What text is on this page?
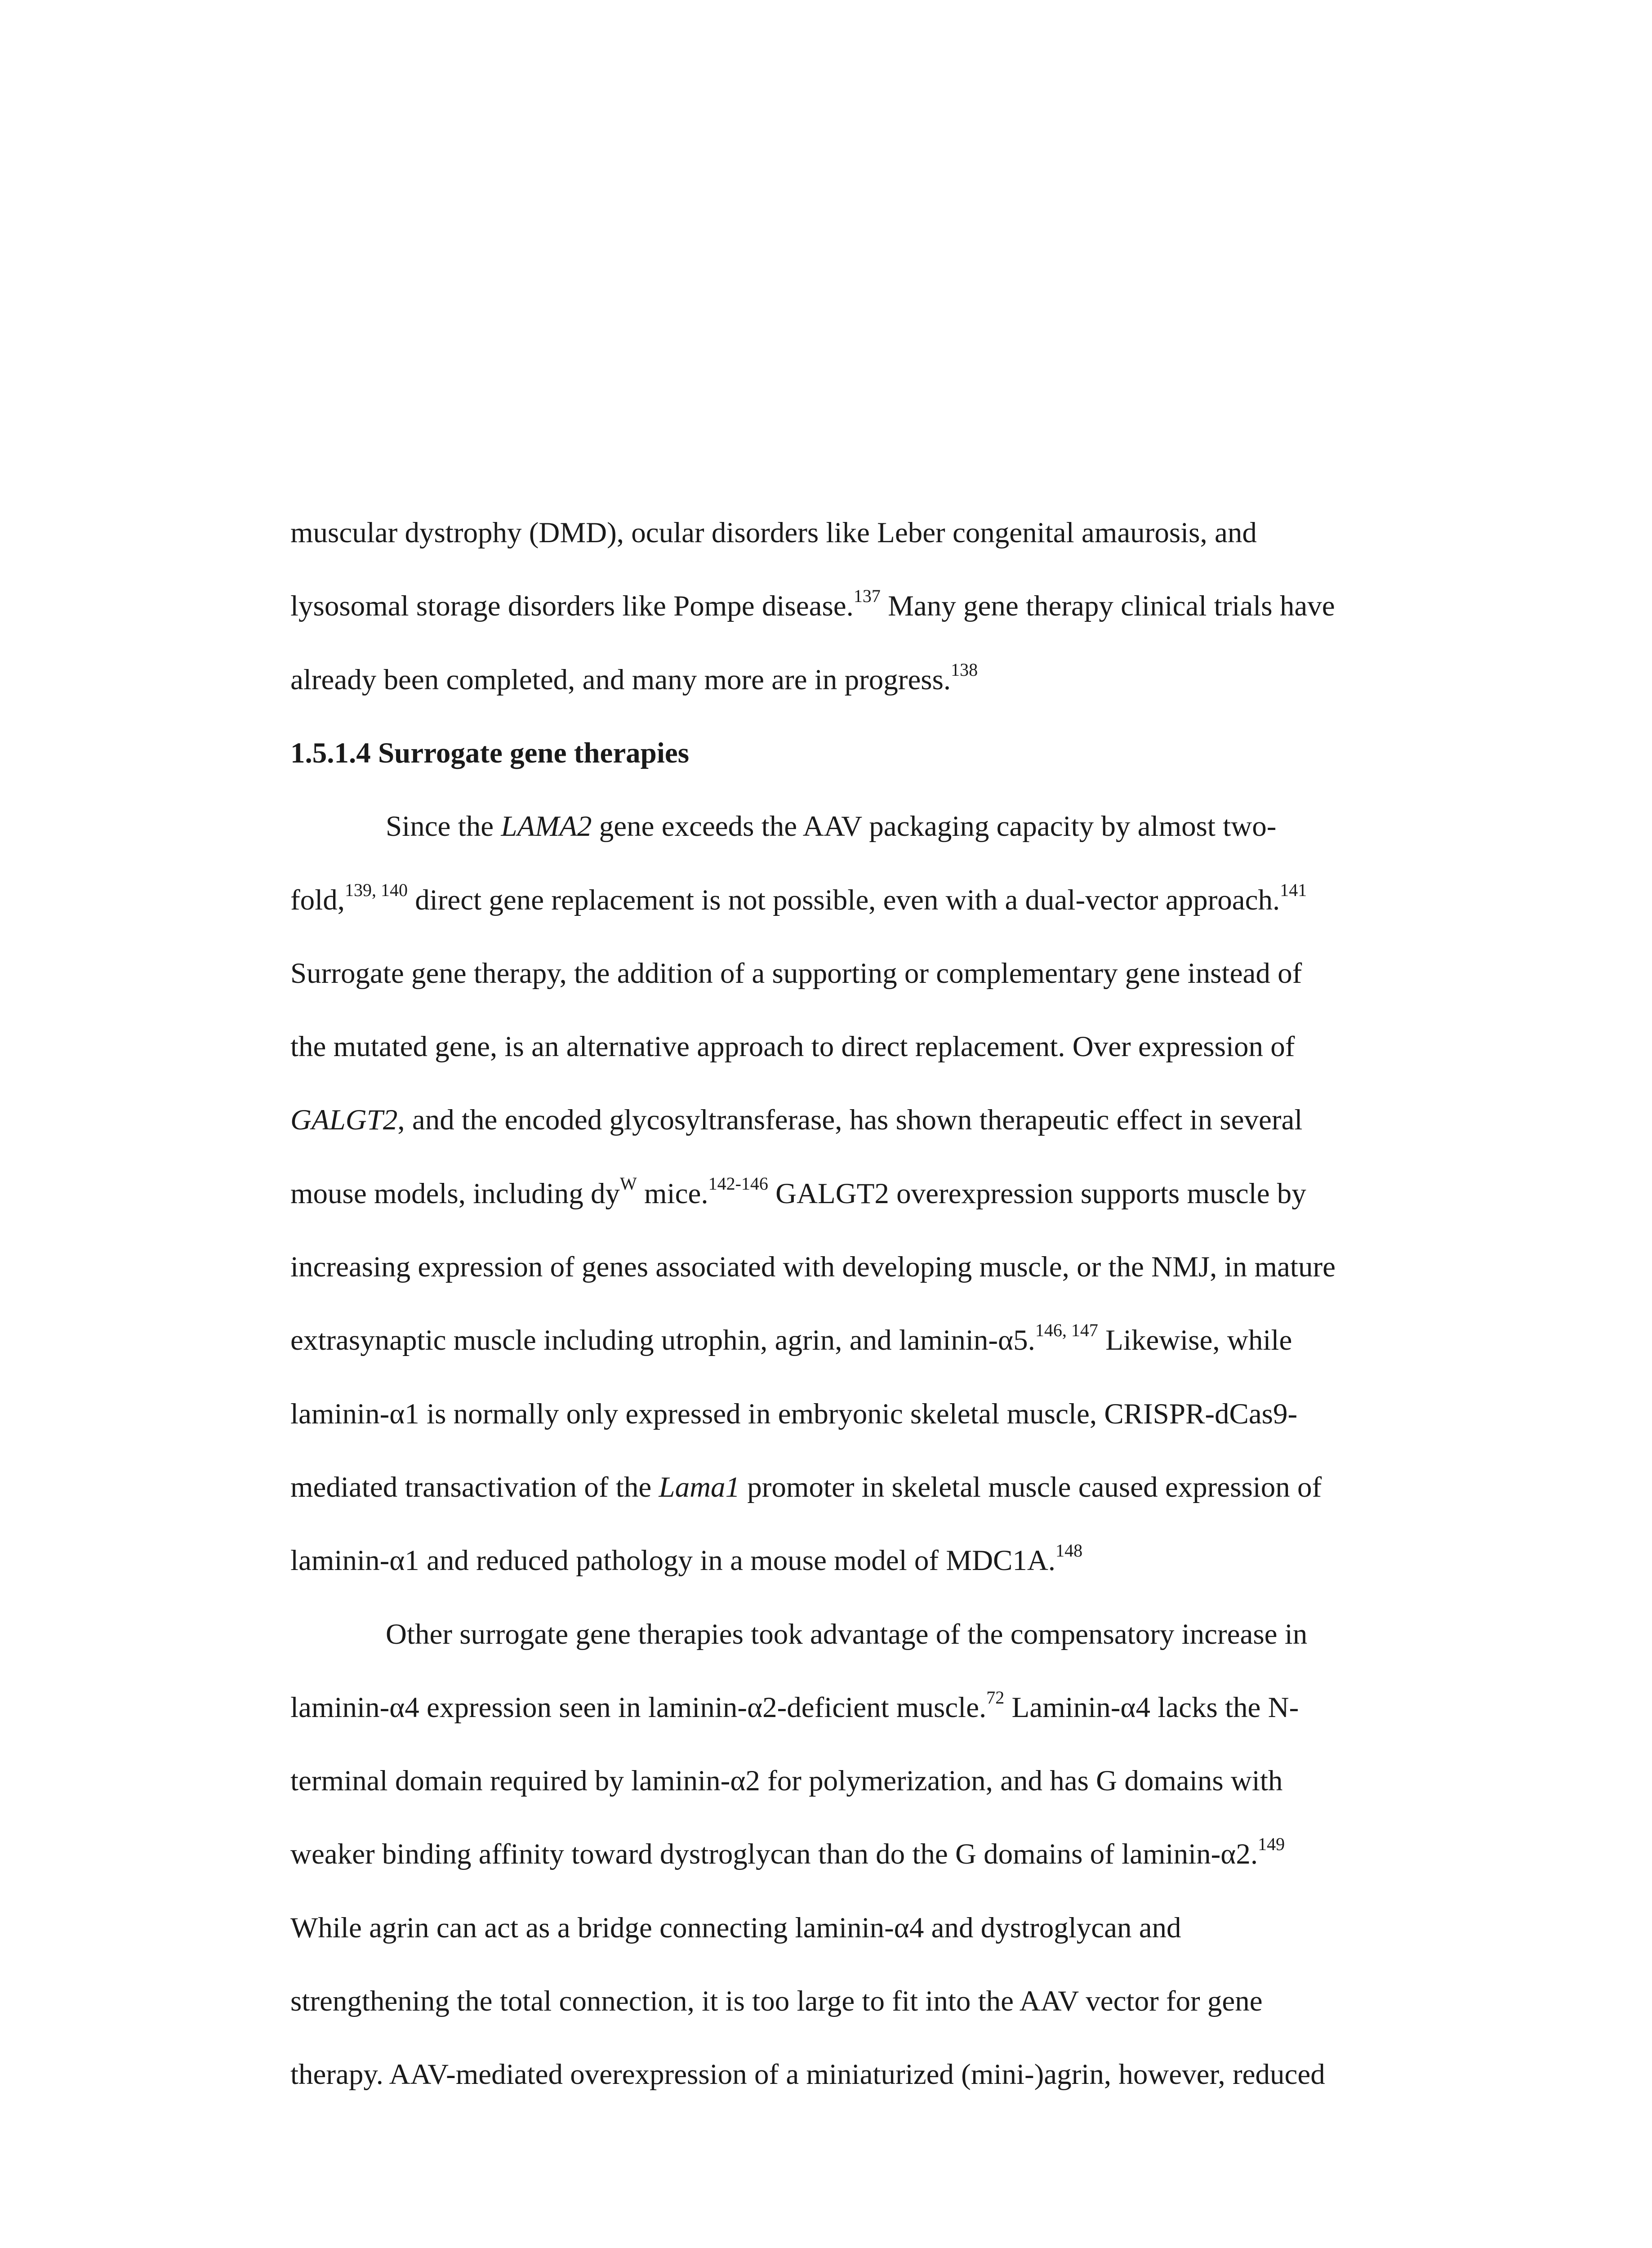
muscular dystrophy (DMD), ocular disorders like Leber congenital amaurosis, and
lysosomal storage disorders like Pompe disease.$^{137}$ Many gene therapy clinical trials have
already been completed, and many more are in progress.$^{138}$
1.5.1.4 Surrogate gene therapies
Since the LAMA2 gene exceeds the AAV packaging capacity by almost two-
fold,$^{139, 140}$ direct gene replacement is not possible, even with a dual-vector approach.$^{141}$
Surrogate gene therapy, the addition of a supporting or complementary gene instead of
the mutated gene, is an alternative approach to direct replacement. Over expression of
GALGT2, and the encoded glycosyltransferase, has shown therapeutic effect in several
mouse models, including $dy^W$ mice.$^{142-146}$ GALGT2 overexpression supports muscle by
increasing expression of genes associated with developing muscle, or the NMJ, in mature
extrasynaptic muscle including utrophin, agrin, and laminin-α5.$^{146, 147}$ Likewise, while
laminin-α1 is normally only expressed in embryonic skeletal muscle, CRISPR-dCas9-
mediated transactivation of the Lama1 promoter in skeletal muscle caused expression of
laminin-α1 and reduced pathology in a mouse model of MDC1A.$^{148}$
Other surrogate gene therapies took advantage of the compensatory increase in
laminin-α4 expression seen in laminin-α2-deficient muscle.$^{72}$ Laminin-α4 lacks the N-
terminal domain required by laminin-α2 for polymerization, and has G domains with
weaker binding affinity toward dystroglycan than do the G domains of laminin-α2.$^{149}$
While agrin can act as a bridge connecting laminin-α4 and dystroglycan and
strengthening the total connection, it is too large to fit into the AAV vector for gene
therapy. AAV-mediated overexpression of a miniaturized (mini-)agrin, however, reduced
